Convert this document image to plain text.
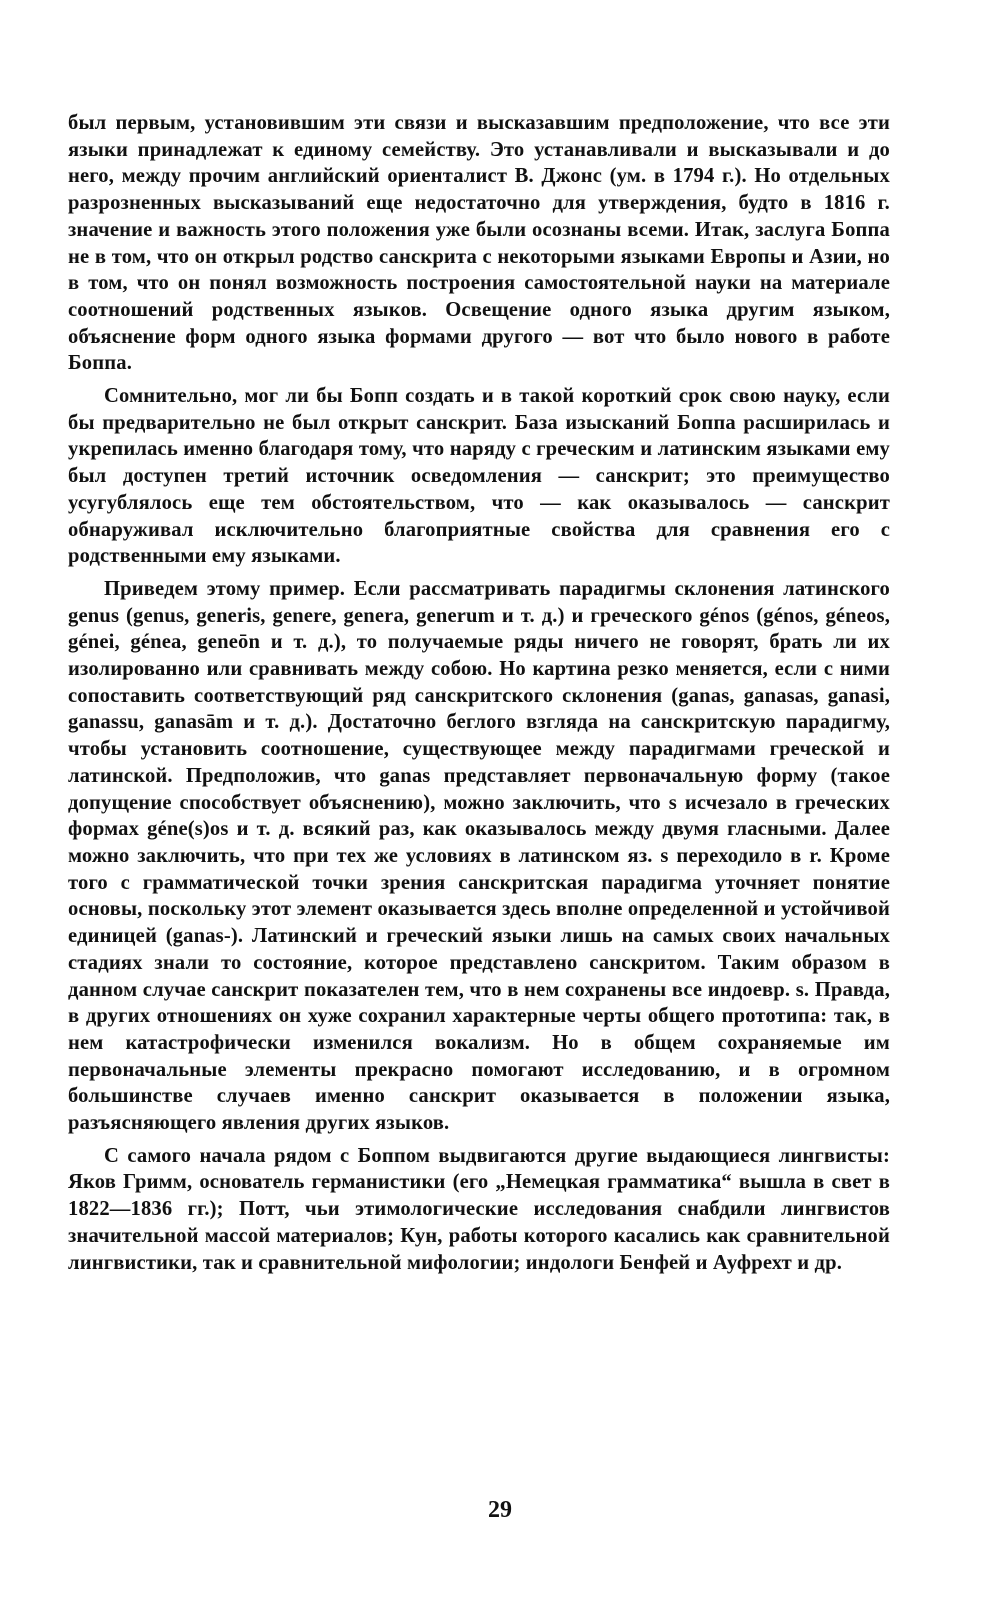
был первым, установившим эти связи и высказавшим предположение, что все эти языки принадлежат к единому семейству. Это устанавливали и высказывали и до него, между прочим английский ориенталист В. Джонс (ум. в 1794 г.). Но отдельных разрозненных высказываний еще недостаточно для утверждения, будто в 1816 г. значение и важность этого положения уже были осознаны всеми. Итак, заслуга Боппа не в том, что он открыл родство санскрита с некоторыми языками Европы и Азии, но в том, что он понял возможность построения самостоятельной науки на материале соотношений родственных языков. Освещение одного языка другим языком, объяснение форм одного языка формами другого — вот что было нового в работе Боппа.

Сомнительно, мог ли бы Бопп создать и в такой короткий срок свою науку, если бы предварительно не был открыт санскрит. База изысканий Боппа расширилась и укрепилась именно благодаря тому, что наряду с греческим и латинским языками ему был доступен третий источник осведомления — санскрит; это преимущество усугублялось еще тем обстоятельством, что — как оказывалось — санскрит обнаруживал исключительно благоприятные свойства для сравнения его с родственными ему языками.

Приведем этому пример. Если рассматривать парадигмы склонения латинского genus (genus, generis, genere, genera, generum и т. д.) и греческого génos (génos, géneos, génei, génea, geneōn и т. д.), то получаемые ряды ничего не говорят, брать ли их изолированно или сравнивать между собою. Но картина резко меняется, если с ними сопоставить соответствующий ряд санскритского склонения (ganas, ganasas, ganasi, ganassu, ganasām и т. д.). Достаточно беглого взгляда на санскритскую парадигму, чтобы установить соотношение, существующее между парадигмами греческой и латинской. Предположив, что ganas представляет первоначальную форму (такое допущение способствует объяснению), можно заключить, что s исчезало в греческих формах géne(s)os и т. д. всякий раз, как оказывалось между двумя гласными. Далее можно заключить, что при тех же условиях в латинском яз. s переходило в r. Кроме того с грамматической точки зрения санскритская парадигма уточняет понятие основы, поскольку этот элемент оказывается здесь вполне определенной и устойчивой единицей (ganas-). Латинский и греческий языки лишь на самых своих начальных стадиях знали то состояние, которое представлено санскритом. Таким образом в данном случае санскрит показателен тем, что в нем сохранены все индоевр. s. Правда, в других отношениях он хуже сохранил характерные черты общего прототипа: так, в нем катастрофически изменился вокализм. Но в общем сохраняемые им первоначальные элементы прекрасно помогают исследованию, и в огромном большинстве случаев именно санскрит оказывается в положении языка, разъясняющего явления других языков.

С самого начала рядом с Боппом выдвигаются другие выдающиеся лингвисты: Яков Гримм, основатель германистики (его „Немецкая грамматика“ вышла в свет в 1822—1836 гг.); Потт, чьи этимологические исследования снабдили лингвистов значительной массой материалов; Кун, работы которого касались как сравнительной лингвистики, так и сравнительной мифологии; индологи Бенфей и Ауфрехт и др.

29
